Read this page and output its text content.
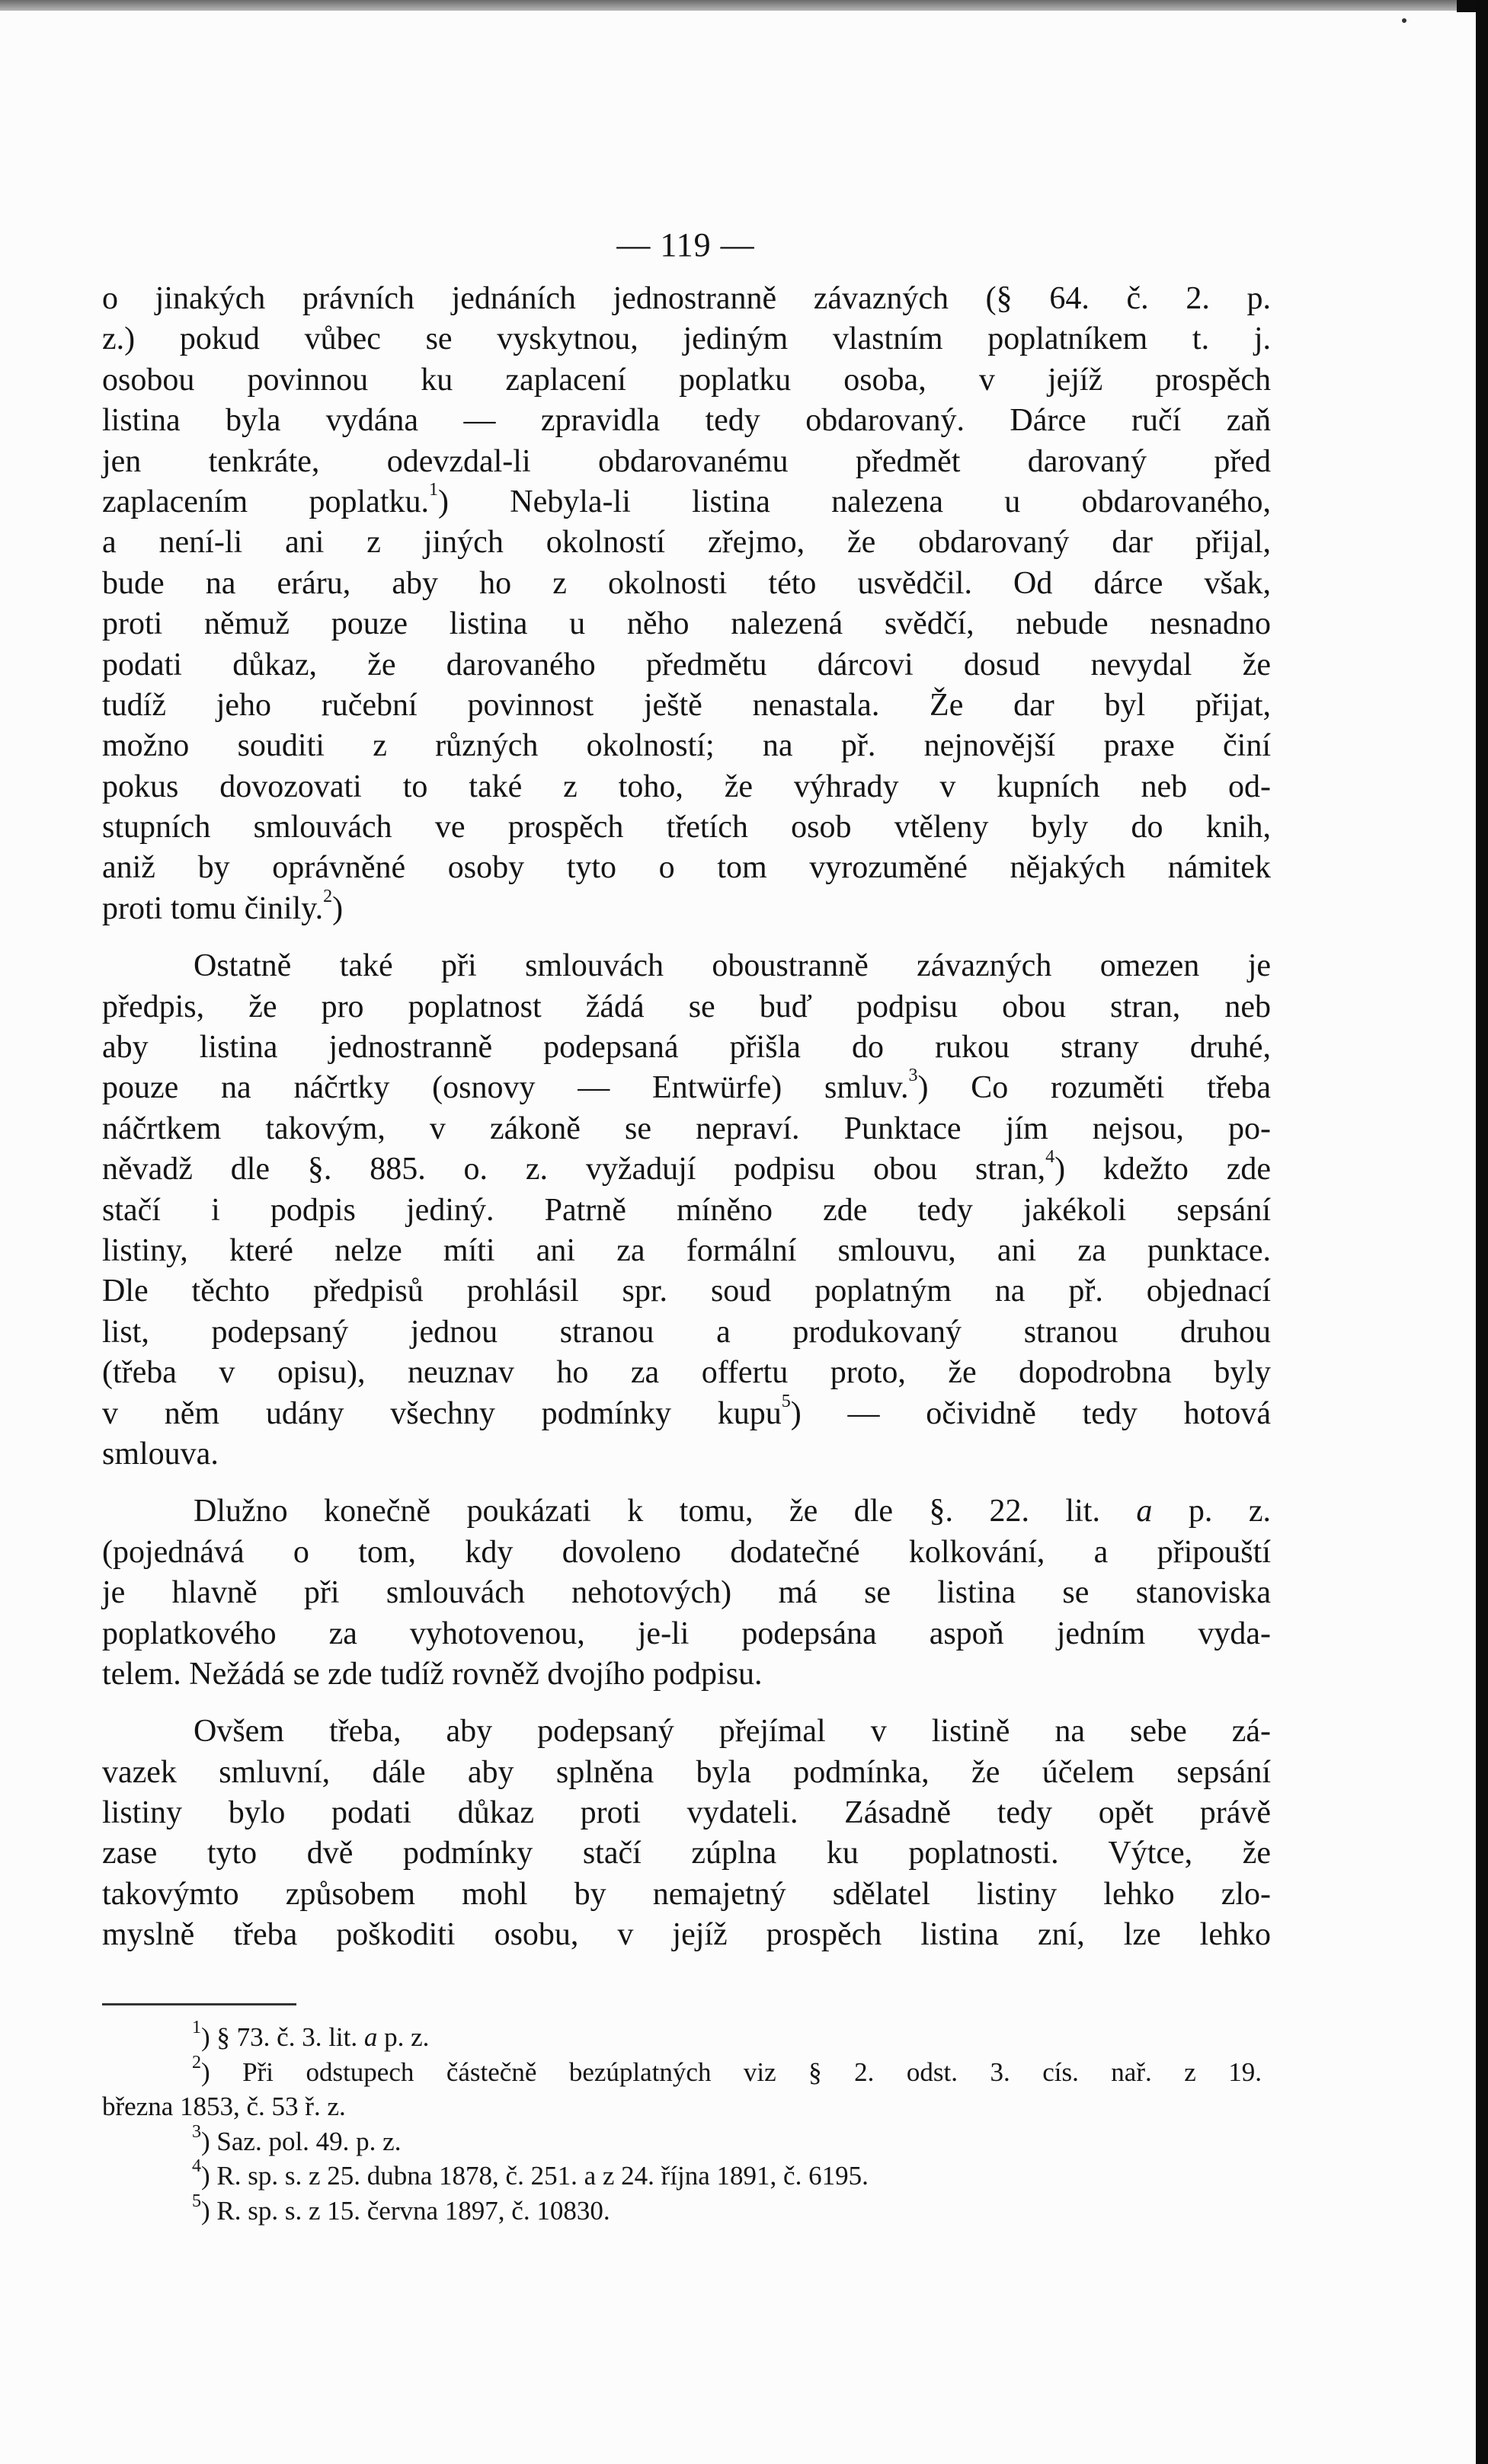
— 119 —
o jinakých právních jednáních jednostranně závazných (§ 64. č. 2. p.
z.) pokud vůbec se vyskytnou, jediným vlastním poplatníkem t. j.
osobou povinnou ku zaplacení poplatku osoba, v jejíž prospěch
listina byla vydána — zpravidla tedy obdarovaný. Dárce ručí zaň
jen tenkráte, odevzdal-li obdarovanému předmět darovaný před
zaplacením poplatku.$^1$) Nebyla-li listina nalezena u obdarovaného,
a není-li ani z jiných okolností zřejmo, že obdarovaný dar přijal,
bude na eráru, aby ho z okolnosti této usvědčil. Od dárce však,
proti němuž pouze listina u něho nalezená svědčí, nebude nesnadno
podati důkaz, že darovaného předmětu dárcovi dosud nevydal že
tudíž jeho ručební povinnost ještě nenastala. Že dar byl přijat,
možno souditi z různých okolností; na př. nejnovější praxe činí
pokus dovozovati to také z toho, že výhrady v kupních neb od-
stupních smlouvách ve prospěch třetích osob vtěleny byly do knih,
aniž by oprávněné osoby tyto o tom vyrozuměné nějakých námitek
proti tomu činily.$^2$)
Ostatně také při smlouvách oboustranně závazných omezen je
předpis, že pro poplatnost žádá se buď podpisu obou stran, neb
aby listina jednostranně podepsaná přišla do rukou strany druhé,
pouze na náčrtky (osnovy — Entwürfe) smluv.$^3$) Co rozuměti třeba
náčrtkem takovým, v zákoně se nepraví. Punktace jím nejsou, po-
něvadž dle §. 885. o. z. vyžadují podpisu obou stran,$^4$) kdežto zde
stačí i podpis jediný. Patrně míněno zde tedy jakékoli sepsání
listiny, které nelze míti ani za formální smlouvu, ani za punktace.
Dle těchto předpisů prohlásil spr. soud poplatným na př. objednací
list, podepsaný jednou stranou a produkovaný stranou druhou
(třeba v opisu), neuznav ho za offertu proto, že dopodrobna byly
v něm udány všechny podmínky kupu$^5$) — očividně tedy hotová
smlouva.
Dlužno konečně poukázati k tomu, že dle §. 22. lit. a p. z.
(pojednává o tom, kdy dovoleno dodatečné kolkování, a připouští
je hlavně při smlouvách nehotových) má se listina se stanoviska
poplatkového za vyhotovenou, je-li podepsána aspoň jedním vyda-
telem. Nežádá se zde tudíž rovněž dvojího podpisu.
Ovšem třeba, aby podepsaný přejímal v listině na sebe zá-
vazek smluvní, dále aby splněna byla podmínka, že účelem sepsání
listiny bylo podati důkaz proti vydateli. Zásadně tedy opět právě
zase tyto dvě podmínky stačí zúplna ku poplatnosti. Výtce, že
takovýmto způsobem mohl by nemajetný sdělatel listiny lehko zlo-
myslně třeba poškoditi osobu, v jejíž prospěch listina zní, lze lehko
$^1$) § 73. č. 3. lit. a p. z.
$^2$) Při odstupech částečně bezúplatných viz § 2. odst. 3. cís. nař. z 19.
března 1853, č. 53 ř. z.
$^3$) Saz. pol. 49. p. z.
$^4$) R. sp. s. z 25. dubna 1878, č. 251. a z 24. října 1891, č. 6195.
$^5$) R. sp. s. z 15. června 1897, č. 10830.
